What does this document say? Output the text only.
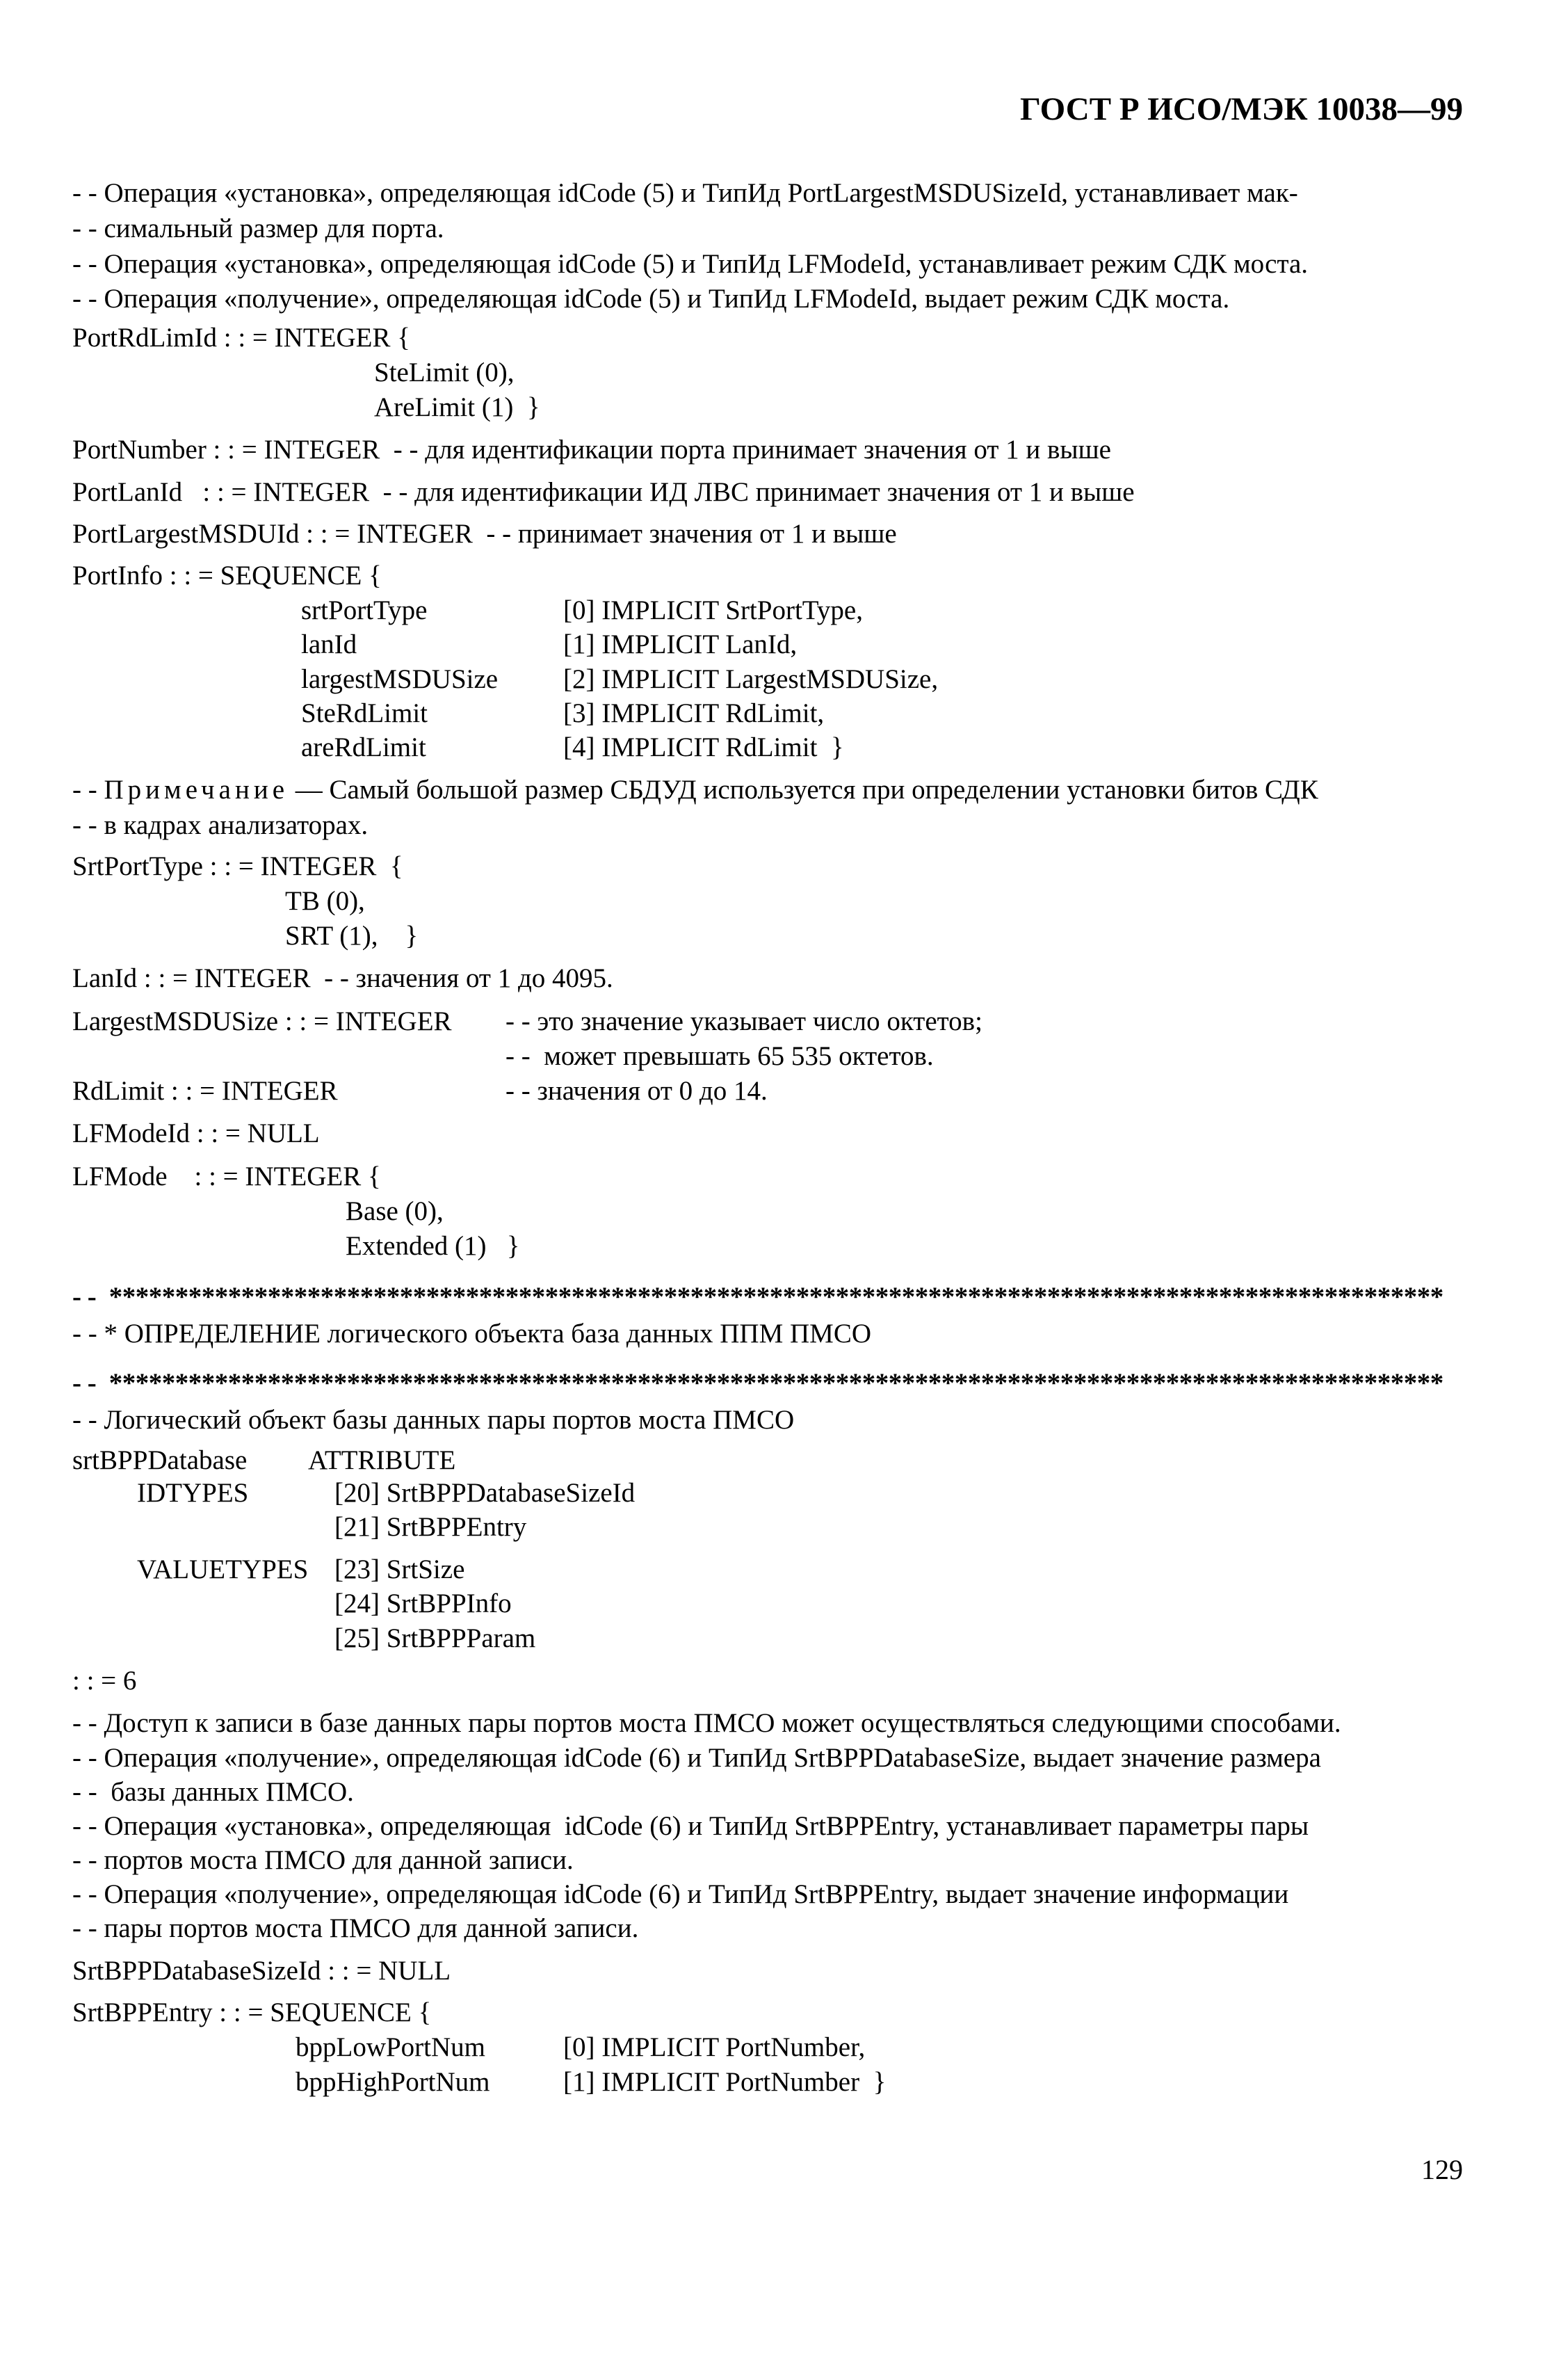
ГОСТ Р ИСО/МЭК 10038—99
- - Операция «установка», определяющая idCode (5) и ТипИд PortLargestMSDUSizeId, устанавливает мак-
- - симальный размер для порта.
- - Операция «установка», определяющая idCode (5) и ТипИд LFModeId, устанавливает режим СДК моста.
- - Операция «получение», определяющая idCode (5) и ТипИд LFModeId, выдает режим СДК моста.
PortRdLimId : : = INTEGER {
SteLimit (0),
AreLimit (1)  }
PortNumber : : = INTEGER  - - для идентификации порта принимает значения от 1 и выше
PortLanId   : : = INTEGER  - - для идентификации ИД ЛВС принимает значения от 1 и выше
PortLargestMSDUId : : = INTEGER  - - принимает значения от 1 и выше
PortInfo : : = SEQUENCE {
srtPortType	[0] IMPLICIT SrtPortType,
lanId	[1] IMPLICIT LanId,
largestMSDUSize [2] IMPLICIT LargestMSDUSize,
SteRdLimit	[3] IMPLICIT RdLimit,
areRdLimit	[4] IMPLICIT RdLimit  }
- - Примечание — Самый большой размер СБДУД используется при определении установки битов СДК
- - в кадрах анализаторах.
SrtPortType : : = INTEGER  {
TB (0),
SRT (1),    }
LanId : : = INTEGER  - - значения от 1 до 4095.
LargestMSDUSize : : = INTEGER - - это значение указывает число октетов;
- -  может превышать 65 535 октетов.
RdLimit : : = INTEGER	- - значения от 0 до 14.
LFModeId : : = NULL
LFMode    : : = INTEGER {
Base (0),
Extended (1)   }
- -  *****************************************************************************************************
- - * ОПРЕДЕЛЕНИЕ логического объекта база данных ППМ ПМСО
- -  *****************************************************************************************************
- - Логический объект базы данных пары портов моста ПМСО
srtBPPDatabase ATTRIBUTE
IDTYPES	[20] SrtBPPDatabaseSizeId
[21] SrtBPPEntry
VALUETYPES [23] SrtSize
[24] SrtBPPInfo
[25] SrtBPPParam
: : = 6
- - Доступ к записи в базе данных пары портов моста ПМСО может осуществляться следующими способами.
- - Операция «получение», определяющая idCode (6) и ТипИд SrtBPPDatabaseSize, выдает значение размера
- -  базы данных ПМСО.
- - Операция «установка», определяющая  idCode (6) и ТипИд SrtBPPEntry, устанавливает параметры пары
- - портов моста ПМСО для данной записи.
- - Операция «получение», определяющая idCode (6) и ТипИд SrtBPPEntry, выдает значение информации
- - пары портов моста ПМСО для данной записи.
SrtBPPDatabaseSizeId : : = NULL
SrtBPPEntry : : = SEQUENCE {
bppLowPortNum	[0] IMPLICIT PortNumber,
bppHighPortNum	[1] IMPLICIT PortNumber  }
129
